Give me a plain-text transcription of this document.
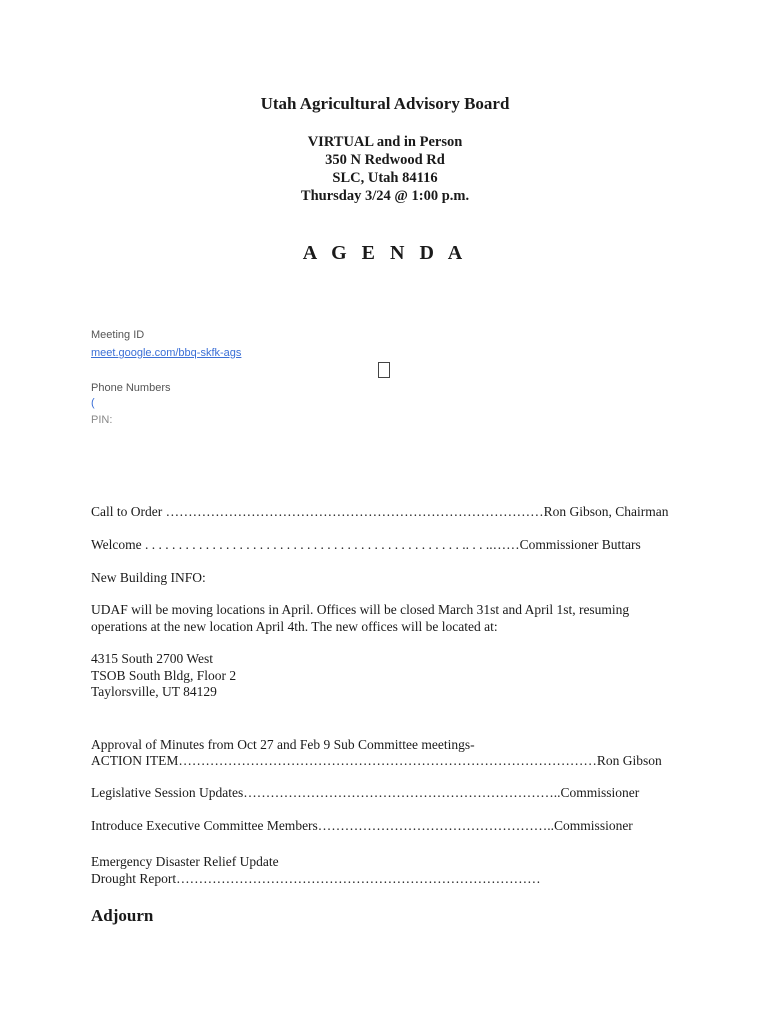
Utah Agricultural Advisory Board
VIRTUAL and in Person
350 N Redwood Rd
SLC, Utah 84116
Thursday 3/24 @ 1:00 p.m.
A G E N D A
Meeting ID
meet.google.com/bbq-skfk-ags
Phone Numbers
(
PIN:
Call to Order …………………………………………………………………………Ron Gibson, Chairman
Welcome . . . . . . . . . . . . . . . . . . . . . . . . . . . . . . . . . . . . . . . . . . . . . . . .. . . ..……Commissioner Buttars
New Building INFO:
UDAF will be moving locations in April. Offices will be closed March 31st and April 1st, resuming
operations at the new location April 4th. The new offices will be located at:
4315 South 2700 West
TSOB South Bldg, Floor 2
Taylorsville, UT 84129
Approval of Minutes from Oct 27 and Feb 9 Sub Committee meetings-
ACTION ITEM…………………………………………………………………………………Ron Gibson
Legislative Session Updates……………………………………………………………..Commissioner
Introduce Executive Committee Members……………………………………………..Commissioner
Emergency Disaster Relief Update
Drought Report………………………………………………………………………
Adjourn
